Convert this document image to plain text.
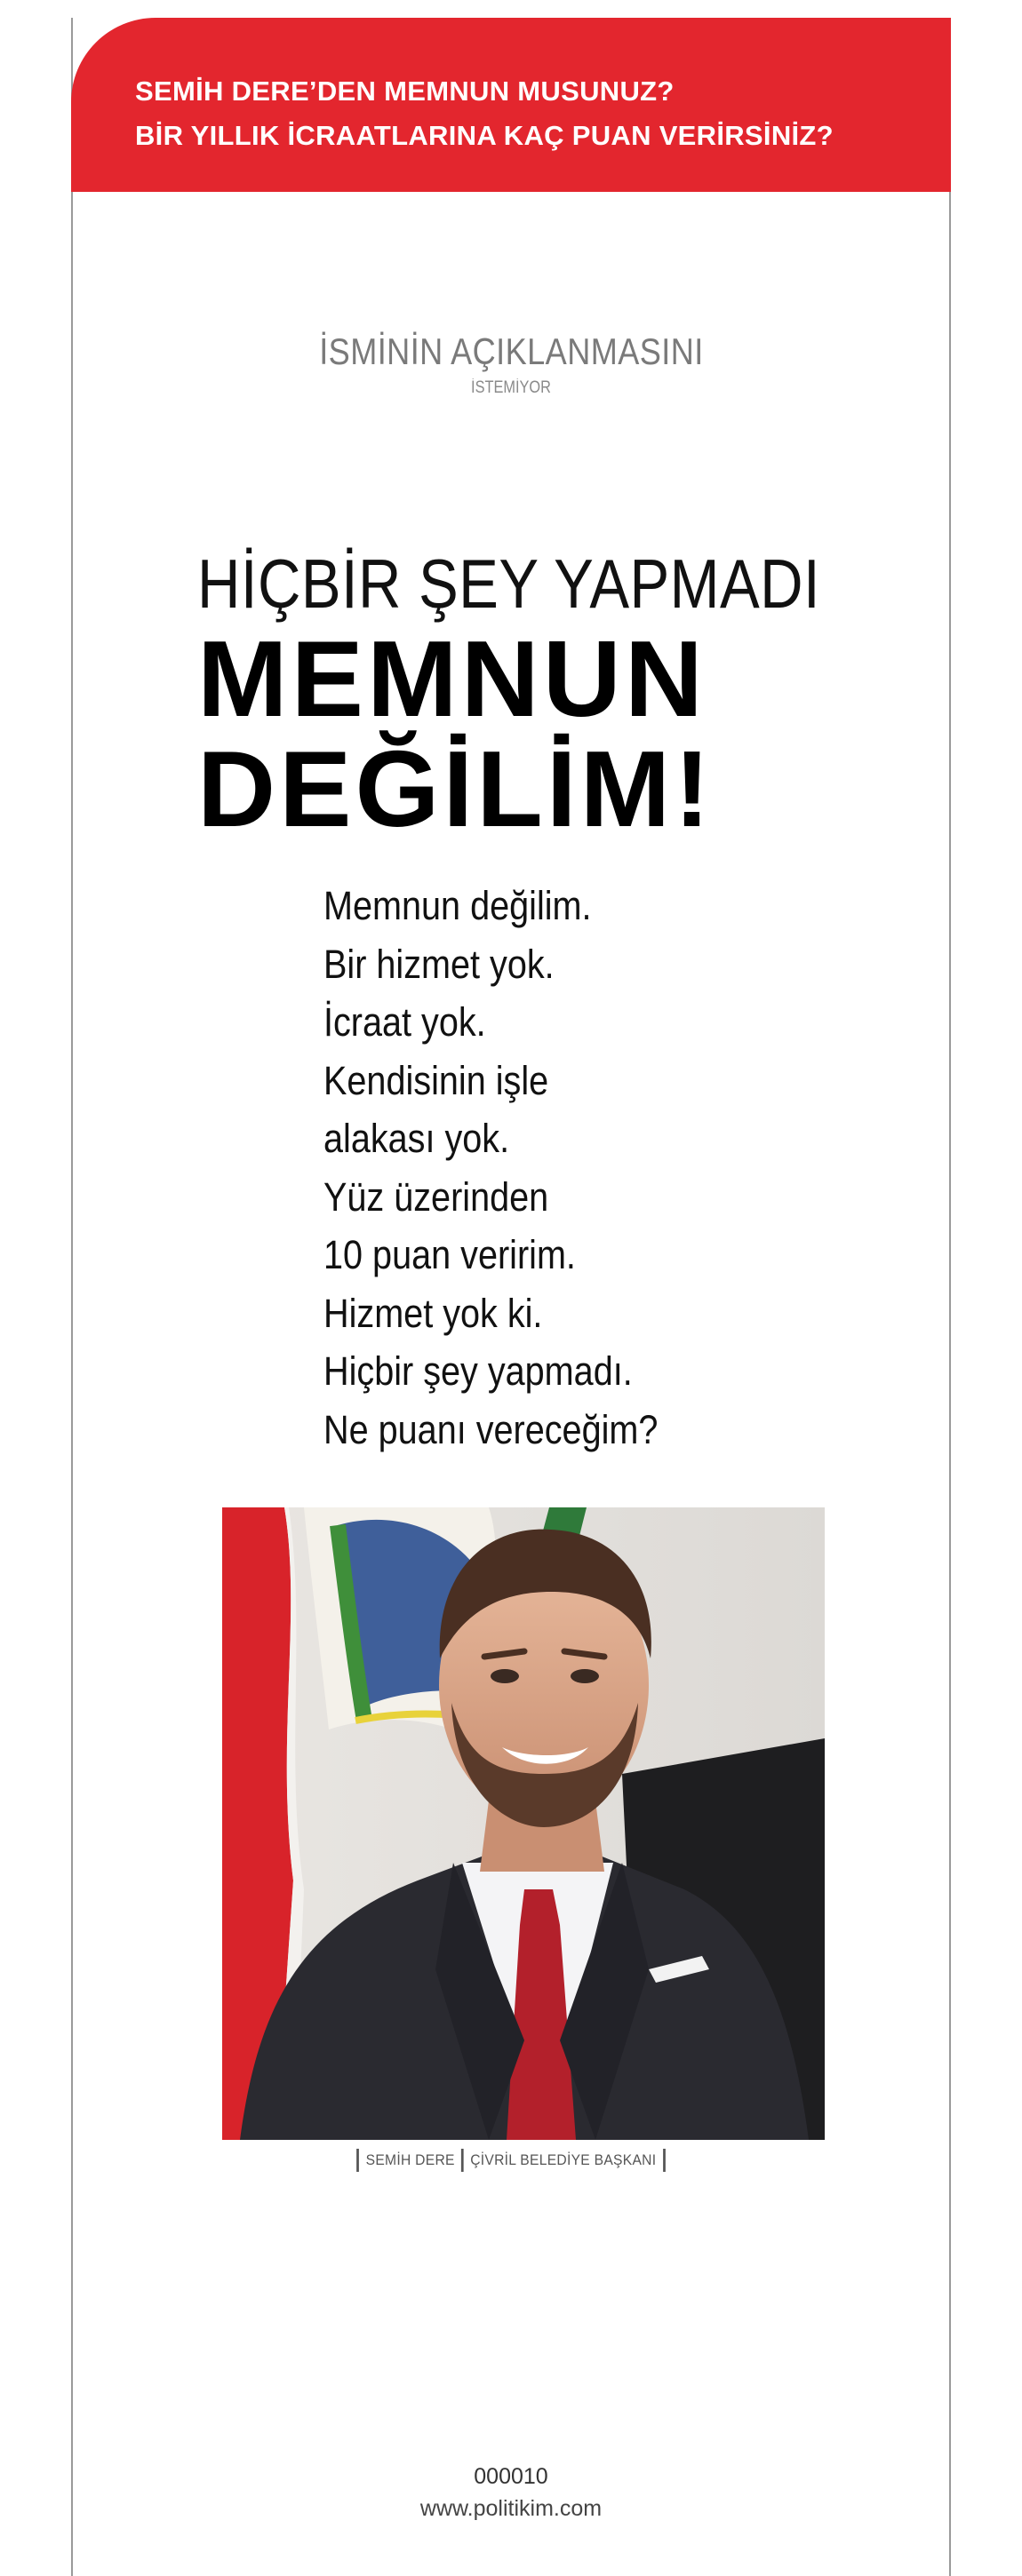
SEMİH DERE’DEN MEMNUN MUSUNUZ?
BİR YILLIK İCRAATLARINA KAÇ PUAN VERİRSİNİZ?
İSMİNİN AÇIKLANMASINI
İSTEMİYOR
HİÇBİR ŞEY YAPMADI
MEMNUN
DEĞİLİM!
Memnun değilim.
Bir hizmet yok.
İcraat yok.
Kendisinin işle
alakası yok.
Yüz üzerinden
10 puan veririm.
Hizmet yok ki.
Hiçbir şey yapmadı.
Ne puanı vereceğim?
SEMİH DERE ÇİVRİL BELEDİYE BAŞKANI
000010
www.politikim.com
